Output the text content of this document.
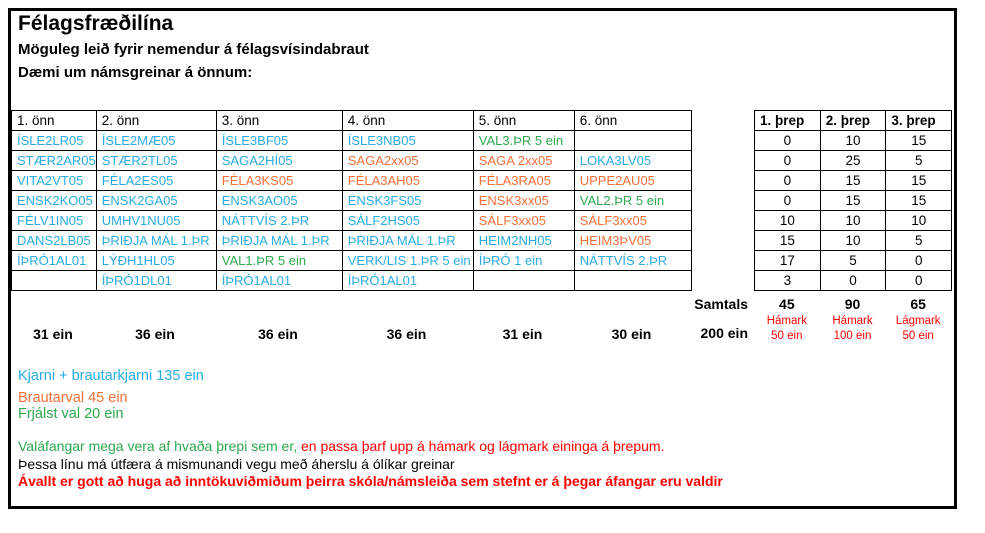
Félagsfræðilína
Möguleg leið fyrir nemendur á félagsvísindabraut
Dæmi um námsgreinar á önnum:
1. önn	2. önn	3. önn	4. önn	5. önn	6. önn
ÍSLE2LR05	ÍSLE2MÆ05	ÍSLE3BF05	ÍSLE3NB05	VAL3.ÞR 5 ein	
STÆR2AR05	STÆR2TL05	SAGA2HÍ05	SAGA2xx05	SAGA 2xx05	LOKA3LV05
VITA2VT05	FÉLA2ES05	FÉLA3KS05	FÉLA3AH05	FÉLA3RA05	UPPE2AU05
ENSK2KO05	ENSK2GA05	ENSK3AO05	ENSK3FS05	ENSK3xx05	VAL2.ÞR 5 ein
FÉLV1IN05	UMHV1NU05	NÁTTVÍS 2.ÞR	SÁLF2HS05	SÁLF3xx05	SÁLF3xx05
DANS2LB05	ÞRIÐJA MÁL 1.ÞR	ÞRIÐJA MÁL 1.ÞR	ÞRIÐJA MÁL 1.ÞR	HEIM2NH05	HEIM3ÞV05
ÍÞRÓ1AL01	LÝÐH1HL05	VAL1.ÞR 5 ein	VERK/LIS 1.ÞR 5 ein	ÍÞRÓ 1 ein	NÁTTVÍS 2.ÞR
	ÍÞRÓ1DL01	ÍÞRÓ1AL01	ÍÞRÓ1AL01		
1. þrep	2. þrep	3. þrep
0	10	15
0	25	5
0	15	15
0	15	15
10	10	10
15	10	5
17	5	0
3	0	0
Samtals
200 ein
45	90	65
Hámark
50 ein
Hámark
100 ein
Lágmark
50 ein
31 ein	36 ein	36 ein	36 ein	31 ein	30 ein
Kjarni + brautarkjarni 135 ein
Brautarval 45 ein
Frjálst val 20 ein
Valáfangar mega vera af hvaða þrepi sem er, en passa þarf upp á hámark og lágmark eininga á þrepum.
Þessa línu má útfæra á mismunandi vegu með áherslu á ólíkar greinar
Ávallt er gott að huga að inntökuviðmiðum þeirra skóla/námsleiða sem stefnt er á þegar áfangar eru valdir
